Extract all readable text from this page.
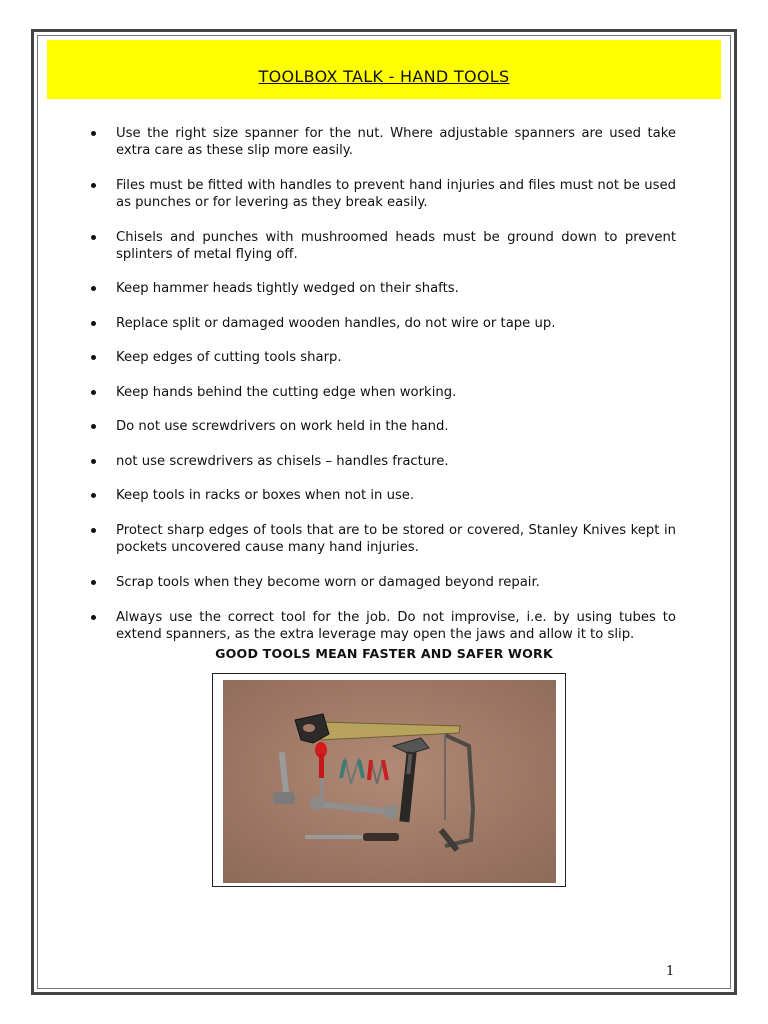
TOOLBOX TALK - HAND TOOLS
Use the right size spanner for the nut. Where adjustable spanners are used take extra care as these slip more easily.
Files must be fitted with handles to prevent hand injuries and files must not be used as punches or for levering as they break easily.
Chisels and punches with mushroomed heads must be ground down to prevent splinters of metal flying off.
Keep hammer heads tightly wedged on their shafts.
Replace split or damaged wooden handles, do not wire or tape up.
Keep edges of cutting tools sharp.
Keep hands behind the cutting edge when working.
Do not use screwdrivers on work held in the hand.
not use screwdrivers as chisels – handles fracture.
Keep tools in racks or boxes when not in use.
Protect sharp edges of tools that are to be stored or covered, Stanley Knives kept in pockets uncovered cause many hand injuries.
Scrap tools when they become worn or damaged beyond repair.
Always use the correct tool for the job. Do not improvise, i.e. by using tubes to extend spanners, as the extra leverage may open the jaws and allow it to slip.
GOOD TOOLS MEAN FASTER AND SAFER WORK
1
